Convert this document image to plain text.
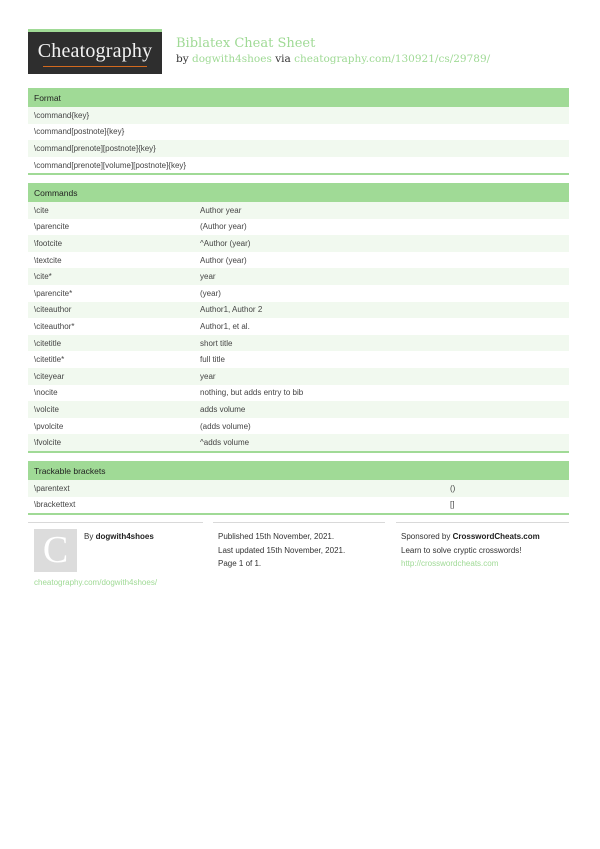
Cheatography	Biblatex Cheat Sheet
by dogwith4shoes via cheatography.com/130921/cs/29789/
Format
\command{key}
\command[postnote]{key}
\command[prenote][postnote]{key}
\command[prenote][volume][postnote]{key}
Commands
\cite	Author year
\parencite	(Author year)
\footcite	^Author (year)
\textcite	Author (year)
\cite*	year
\parencite*	(year)
\citeauthor	Author1, Author 2
\citeauthor*	Author1, et al.
\citetitle	short title
\citetitle*	full title
\citeyear	year
\nocite	nothing, but adds entry to bib
\volcite	adds volume
\pvolcite	(adds volume)
\fvolcite	^adds volume
Trackable brackets
\parentext	()
\brackettext	[]
C	By dogwith4shoes
cheatography.com/dogwith4shoes/
Published 15th November, 2021.
Last updated 15th November, 2021.
Page 1 of 1.
Sponsored by CrosswordCheats.com
Learn to solve cryptic crosswords!
http://crosswordcheats.com
